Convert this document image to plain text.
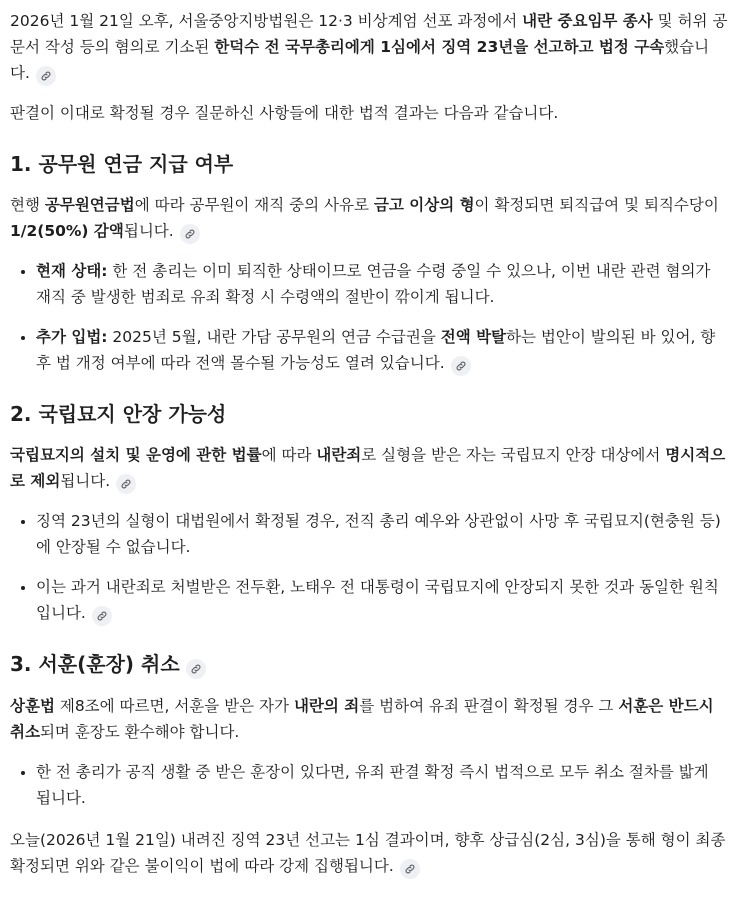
2026년 1월 21일 오후, 서울중앙지방법원은 12·3 비상계엄 선포 과정에서 내란 중요임무 종사 및 허위 공문서 작성 등의 혐의로 기소된 한덕수 전 국무총리에게 1심에서 징역 23년을 선고하고 법정 구속했습니다.

판결이 이대로 확정될 경우 질문하신 사항들에 대한 법적 결과는 다음과 같습니다.

1. 공무원 연금 지급 여부

현행 공무원연금법에 따라 공무원이 재직 중의 사유로 금고 이상의 형이 확정되면 퇴직급여 및 퇴직수당이 1/2(50%) 감액됩니다.

• 현재 상태: 한 전 총리는 이미 퇴직한 상태이므로 연금을 수령 중일 수 있으나, 이번 내란 관련 혐의가 재직 중 발생한 범죄로 유죄 확정 시 수령액의 절반이 깎이게 됩니다.
• 추가 입법: 2025년 5월, 내란 가담 공무원의 연금 수급권을 전액 박탈하는 법안이 발의된 바 있어, 향후 법 개정 여부에 따라 전액 몰수될 가능성도 열려 있습니다.
2. 국립묘지 안장 가능성

국립묘지의 설치 및 운영에 관한 법률에 따라 내란죄로 실형을 받은 자는 국립묘지 안장 대상에서 명시적으로 제외됩니다.

• 징역 23년의 실형이 대법원에서 확정될 경우, 전직 총리 예우와 상관없이 사망 후 국립묘지(현충원 등)에 안장될 수 없습니다.
• 이는 과거 내란죄로 처벌받은 전두환, 노태우 전 대통령이 국립묘지에 안장되지 못한 것과 동일한 원칙입니다.
3. 서훈(훈장) 취소

상훈법 제8조에 따르면, 서훈을 받은 자가 내란의 죄를 범하여 유죄 판결이 확정될 경우 그 서훈은 반드시 취소되며 훈장도 환수해야 합니다.

• 한 전 총리가 공직 생활 중 받은 훈장이 있다면, 유죄 판결 확정 즉시 법적으로 모두 취소 절차를 밟게 됩니다.

오늘(2026년 1월 21일) 내려진 징역 23년 선고는 1심 결과이며, 향후 상급심(2심, 3심)을 통해 형이 최종 확정되면 위와 같은 불이익이 법에 따라 강제 집행됩니다.
